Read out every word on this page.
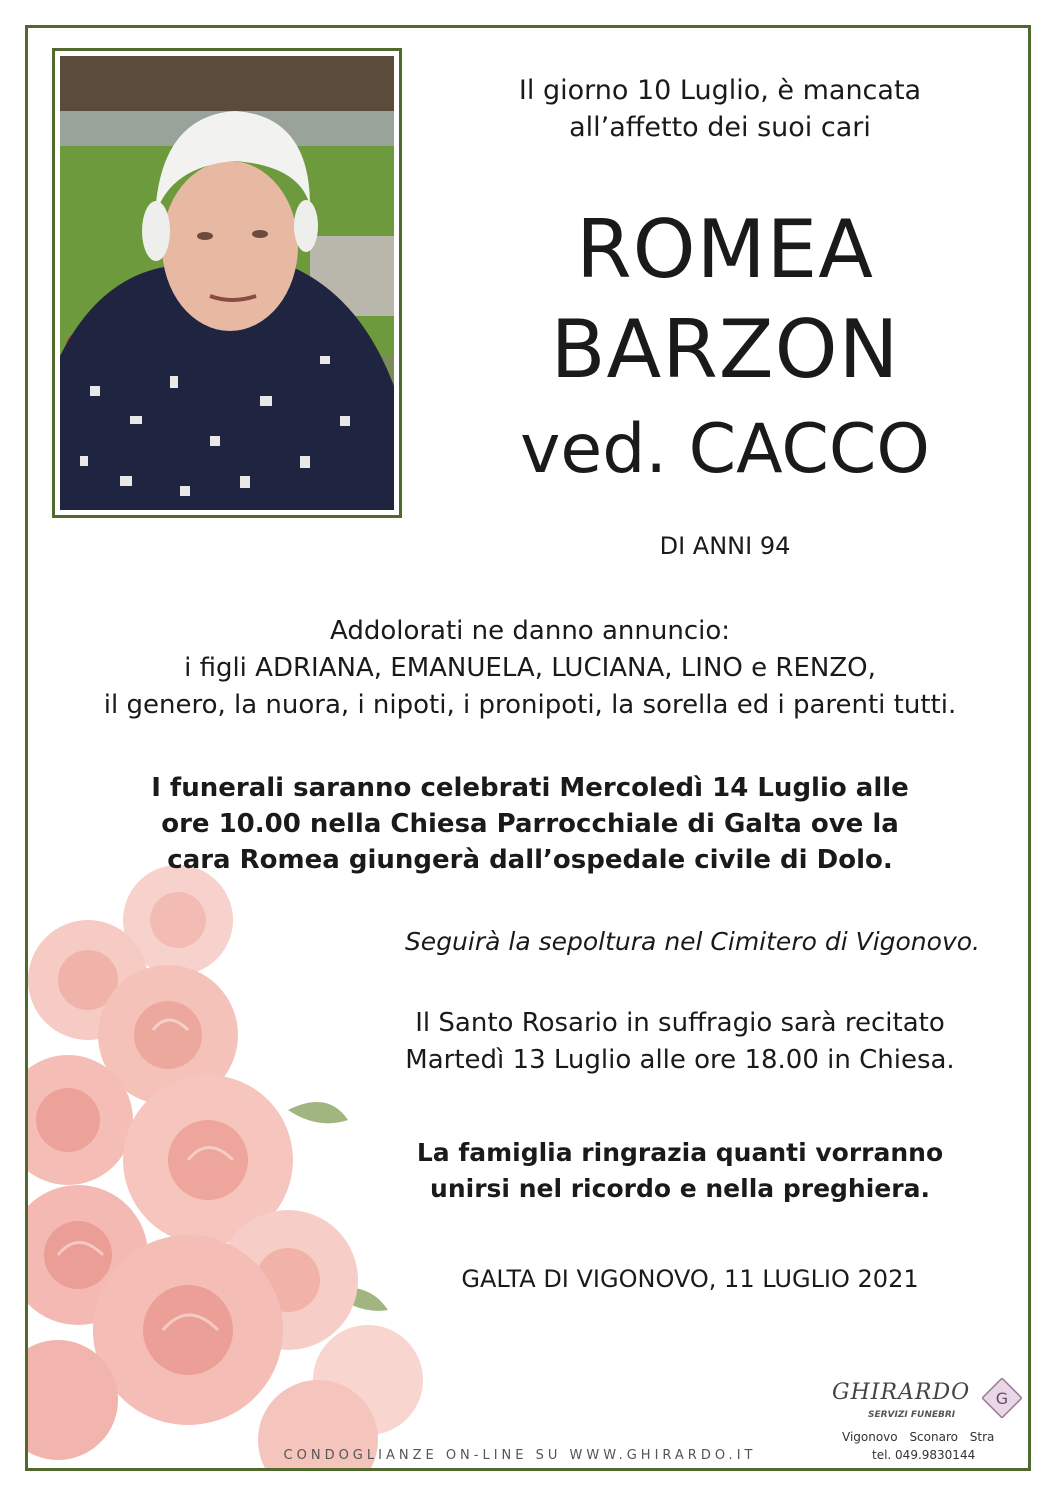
Il giorno 10 Luglio, è mancata
all’affetto dei suoi cari
ROMEA
BARZON
ved. CACCO
DI ANNI 94
Addolorati ne danno annuncio:
i figli ADRIANA, EMANUELA, LUCIANA, LINO e RENZO,
il genero, la nuora, i nipoti, i pronipoti, la sorella ed i parenti tutti.
I funerali saranno celebrati Mercoledì 14 Luglio alle
ore 10.00 nella Chiesa Parrocchiale di Galta ove la
cara Romea giungerà dall’ospedale civile di Dolo.
Seguirà la sepoltura nel Cimitero di Vigonovo.
Il Santo Rosario in suffragio sarà recitato
Martedì 13 Luglio alle ore 18.00 in Chiesa.
La famiglia ringrazia quanti vorranno
unirsi nel ricordo e nella preghiera.
GALTA DI VIGONOVO, 11 LUGLIO 2021
CONDOGLIANZE ON-LINE SU WWW.GHIRARDO.IT
GHIRARDO
SERVIZI FUNEBRI
G
Vigonovo Sconaro Stra
tel. 049.9830144
